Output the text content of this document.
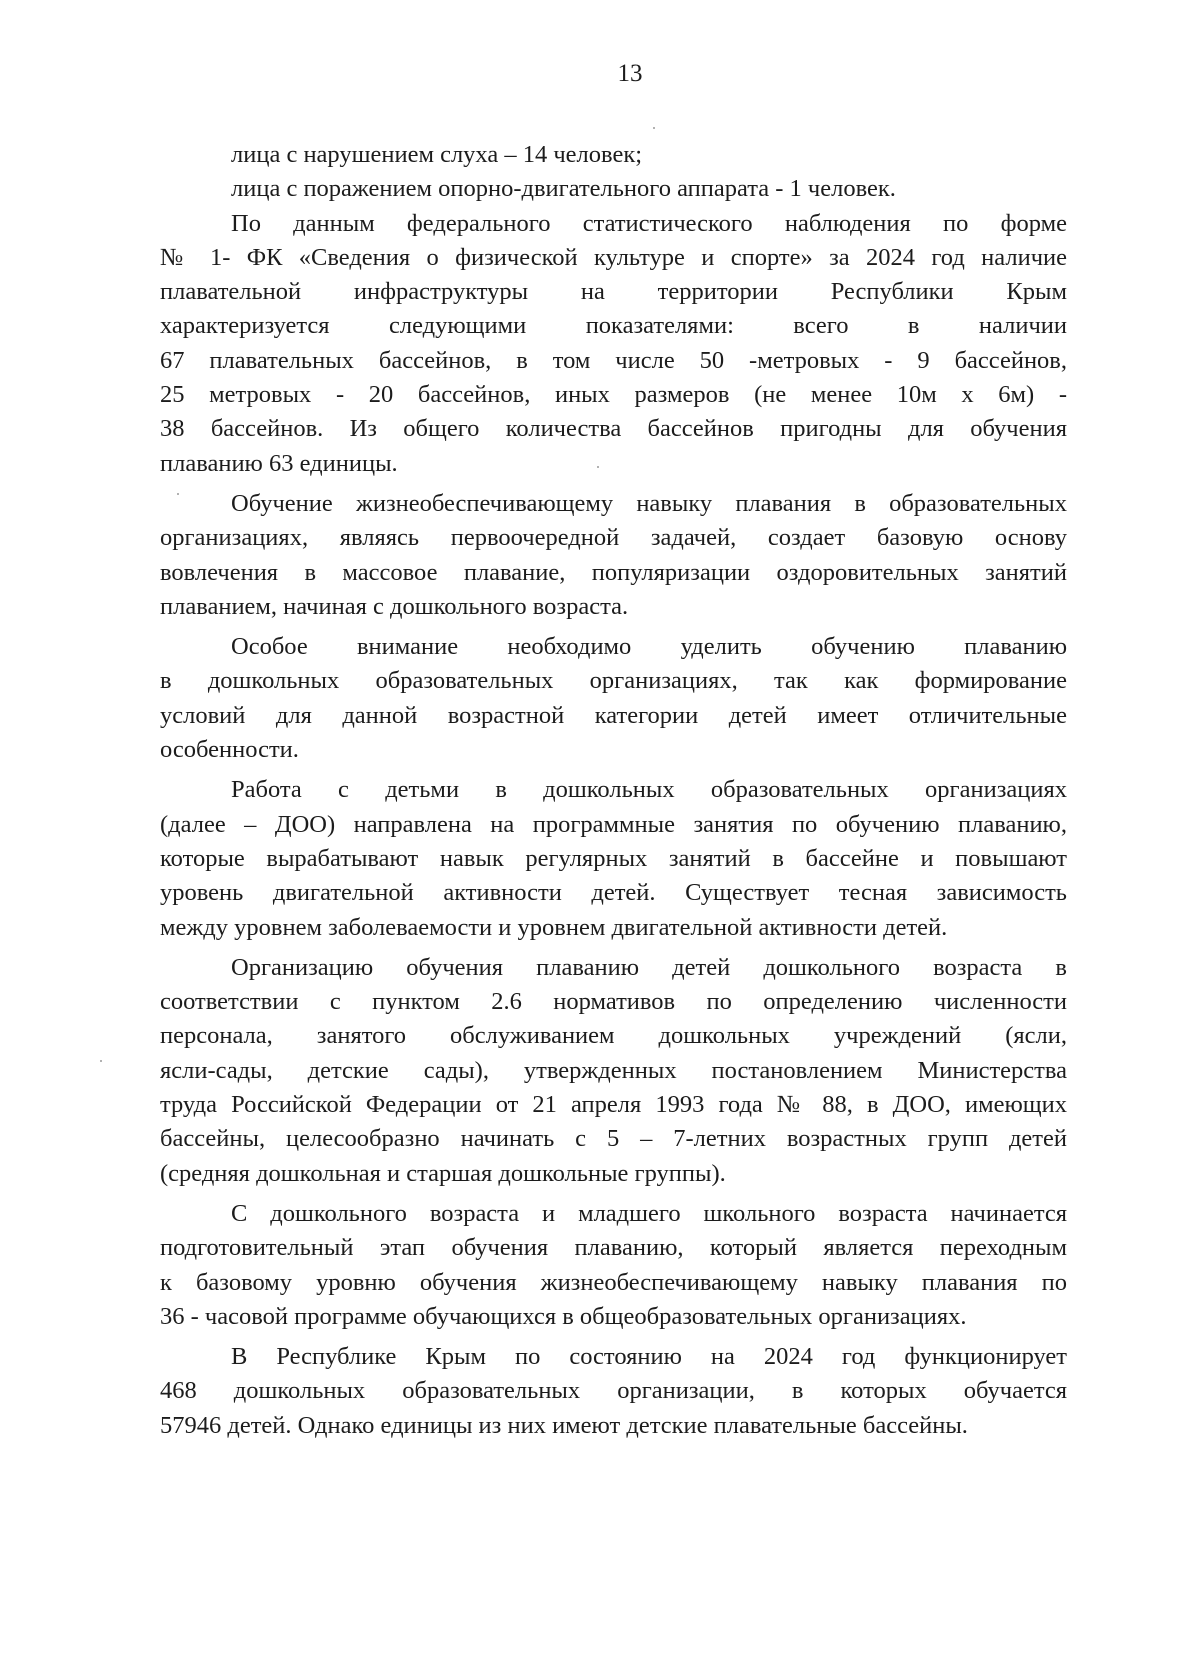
13
лица с нарушением слуха – 14 человек;
лица с поражением опорно-двигательного аппарата - 1 человек.
По данным федерального статистического наблюдения по форме
№ 1- ФК «Сведения о физической культуре и спорте» за 2024 год наличие
плавательной инфраструктуры на территории Республики Крым
характеризуется следующими показателями: всего в наличии
67 плавательных бассейнов, в том числе 50 -метровых - 9 бассейнов,
25 метровых - 20 бассейнов, иных размеров (не менее 10м х 6м) -
38 бассейнов. Из общего количества бассейнов пригодны для обучения
плаванию 63 единицы.
Обучение жизнеобеспечивающему навыку плавания в образовательных
организациях, являясь первоочередной задачей, создает базовую основу
вовлечения в массовое плавание, популяризации оздоровительных занятий
плаванием, начиная с дошкольного возраста.
Особое внимание необходимо уделить обучению плаванию
в дошкольных образовательных организациях, так как формирование
условий для данной возрастной категории детей имеет отличительные
особенности.
Работа с детьми в дошкольных образовательных организациях
(далее – ДОО) направлена на программные занятия по обучению плаванию,
которые вырабатывают навык регулярных занятий в бассейне и повышают
уровень двигательной активности детей. Существует тесная зависимость
между уровнем заболеваемости и уровнем двигательной активности детей.
Организацию обучения плаванию детей дошкольного возраста в
соответствии с пунктом 2.6 нормативов по определению численности
персонала, занятого обслуживанием дошкольных учреждений (ясли,
ясли-сады, детские сады), утвержденных постановлением Министерства
труда Российской Федерации от 21 апреля 1993 года № 88, в ДОО, имеющих
бассейны, целесообразно начинать с 5 – 7-летних возрастных групп детей
(средняя дошкольная и старшая дошкольные группы).
С дошкольного возраста и младшего школьного возраста начинается
подготовительный этап обучения плаванию, который является переходным
к базовому уровню обучения жизнеобеспечивающему навыку плавания по
36 - часовой программе обучающихся в общеобразовательных организациях.
В Республике Крым по состоянию на 2024 год функционирует
468 дошкольных образовательных организации, в которых обучается
57946 детей. Однако единицы из них имеют детские плавательные бассейны.
